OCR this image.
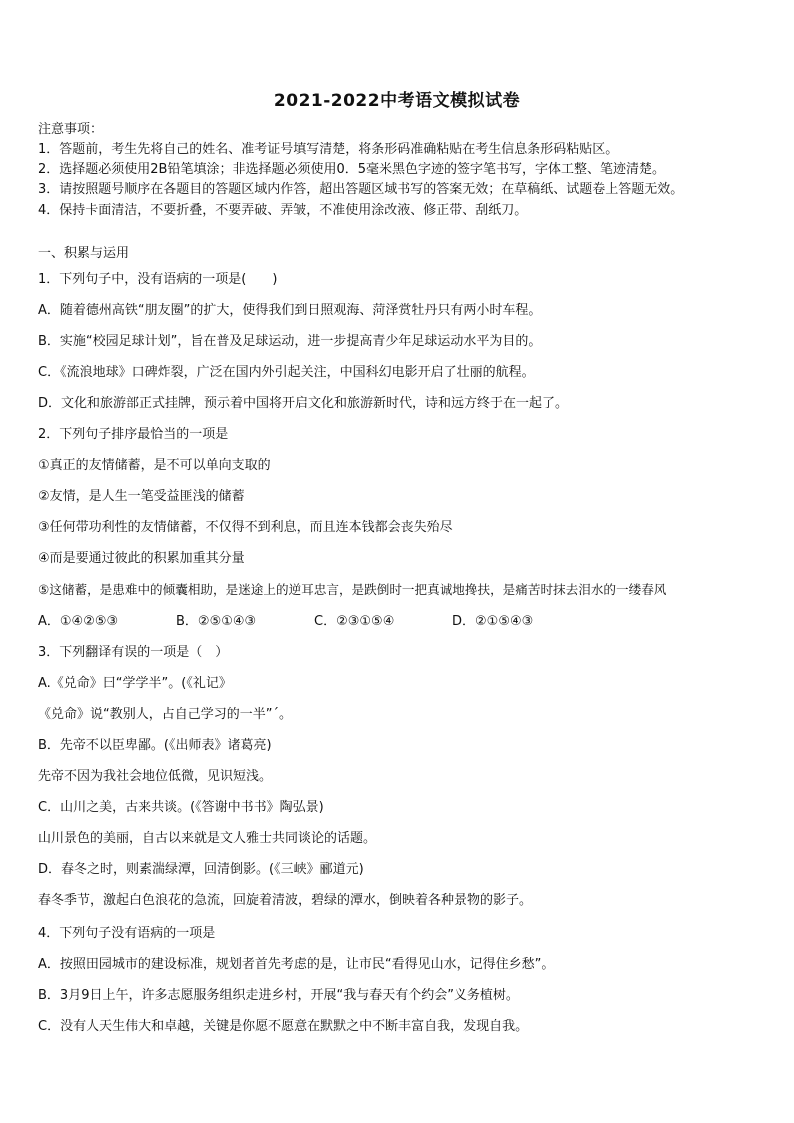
2021-2022中考语文模拟试卷
注意事项：
1．答题前，考生先将自己的姓名、准考证号填写清楚，将条形码准确粘贴在考生信息条形码粘贴区。
2．选择题必须使用2B铅笔填涂；非选择题必须使用0．5毫米黑色字迹的签字笔书写，字体工整、笔迹清楚。
3．请按照题号顺序在各题目的答题区域内作答，超出答题区域书写的答案无效；在草稿纸、试题卷上答题无效。
4．保持卡面清洁，不要折叠，不要弄破、弄皱，不准使用涂改液、修正带、刮纸刀。
一、积累与运用
1．下列句子中，没有语病的一项是(　　)
A．随着德州高铁“朋友圈”的扩大，使得我们到日照观海、菏泽赏牡丹只有两小时车程。
B．实施“校园足球计划”，旨在普及足球运动，进一步提高青少年足球运动水平为目的。
C．《流浪地球》口碑炸裂，广泛在国内外引起关注，中国科幻电影开启了壮丽的航程。
D．文化和旅游部正式挂牌，预示着中国将开启文化和旅游新时代，诗和远方终于在一起了。
2．下列句子排序最恰当的一项是
①真正的友情储蓄，是不可以单向支取的
②友情，是人生一笔受益匪浅的储蓄
③任何带功利性的友情储蓄，不仅得不到利息，而且连本钱都会丧失殆尽
④而是要通过彼此的积累加重其分量
⑤这储蓄，是患难中的倾囊相助，是迷途上的逆耳忠言，是跌倒时一把真诚地搀扶，是痛苦时抹去泪水的一缕春风
A．①④②⑤③	B．②⑤①④③	C．②③①⑤④	D．②①⑤④③
3．下列翻译有误的一项是（　）
A.《兑命》曰“学学半”。(《礼记》
《兑命》说“教别人，占自己学习的一半”ˊ。
B．先帝不以臣卑鄙。(《出师表》诸葛亮)
先帝不因为我社会地位低微，见识短浅。
C．山川之美，古来共谈。(《答谢中书书》陶弘景)
山川景色的美丽，自古以来就是文人雅士共同谈论的话题。
D．春冬之时，则素湍绿潭，回清倒影。(《三峡》郦道元)
春冬季节，激起白色浪花的急流，回旋着清波，碧绿的潭水，倒映着各种景物的影子。
4．下列句子没有语病的一项是
A．按照田园城市的建设标准，规划者首先考虑的是，让市民“看得见山水，记得住乡愁”。
B．3月9日上午，许多志愿服务组织走进乡村，开展“我与春天有个约会”义务植树。
C．没有人天生伟大和卓越，关键是你愿不愿意在默默之中不断丰富自我，发现自我。
